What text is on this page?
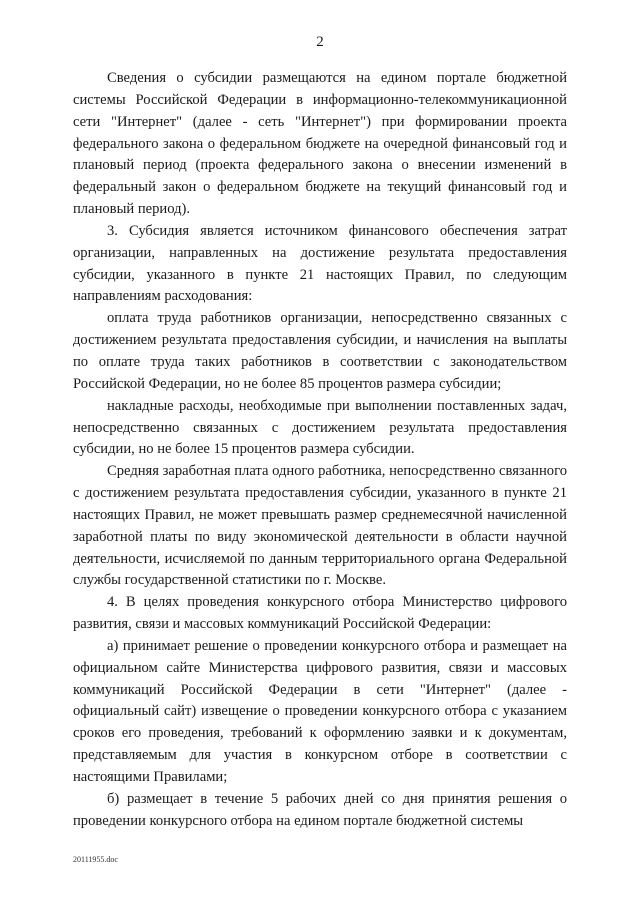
2

Сведения о субсидии размещаются на едином портале бюджетной системы Российской Федерации в информационно-телекоммуникационной сети "Интернет" (далее - сеть "Интернет") при формировании проекта федерального закона о федеральном бюджете на очередной финансовый год и плановый период (проекта федерального закона о внесении изменений в федеральный закон о федеральном бюджете на текущий финансовый год и плановый период).

3. Субсидия является источником финансового обеспечения затрат организации, направленных на достижение результата предоставления субсидии, указанного в пункте 21 настоящих Правил, по следующим направлениям расходования:

оплата труда работников организации, непосредственно связанных с достижением результата предоставления субсидии, и начисления на выплаты по оплате труда таких работников в соответствии с законодательством Российской Федерации, но не более 85 процентов размера субсидии;

накладные расходы, необходимые при выполнении поставленных задач, непосредственно связанных с достижением результата предоставления субсидии, но не более 15 процентов размера субсидии.

Средняя заработная плата одного работника, непосредственно связанного с достижением результата предоставления субсидии, указанного в пункте 21 настоящих Правил, не может превышать размер среднемесячной начисленной заработной платы по виду экономической деятельности в области научной деятельности, исчисляемой по данным территориального органа Федеральной службы государственной статистики по г. Москве.

4. В целях проведения конкурсного отбора Министерство цифрового развития, связи и массовых коммуникаций Российской Федерации:

а) принимает решение о проведении конкурсного отбора и размещает на официальном сайте Министерства цифрового развития, связи и массовых коммуникаций Российской Федерации в сети "Интернет" (далее - официальный сайт) извещение о проведении конкурсного отбора с указанием сроков его проведения, требований к оформлению заявки и к документам, представляемым для участия в конкурсном отборе в соответствии с настоящими Правилами;

б) размещает в течение 5 рабочих дней со дня принятия решения о проведении конкурсного отбора на едином портале бюджетной системы

20111955.doc
